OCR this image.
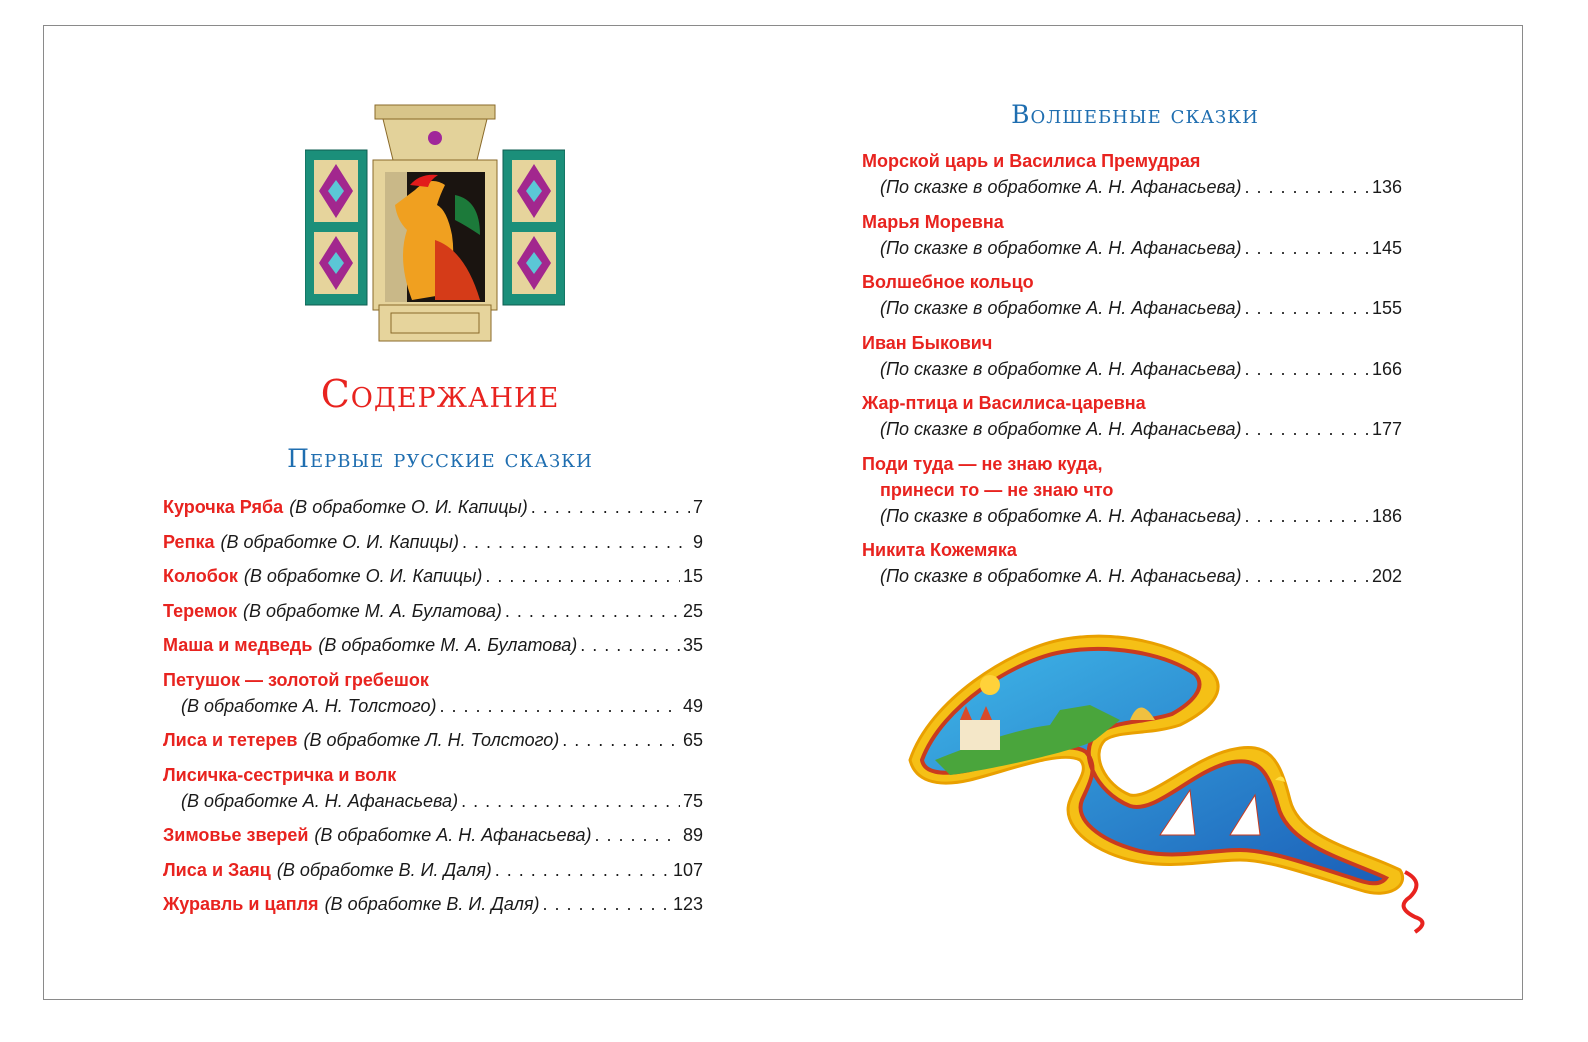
Содержание
Первые русские сказки
Волшебные сказки
Курочка Ряба (В обработке О. И. Капицы) . . .	7
Репка (В обработке О. И. Капицы) . . .	9
Колобок (В обработке О. И. Капицы) . . .	15
Теремок (В обработке М. А. Булатова) . . .	25
Маша и медведь (В обработке М. А. Булатова) . . .	35
Петушок — золотой гребешок
(В обработке А. Н. Толстого) . . .	49
Лиса и тетерев (В обработке Л. Н. Толстого) . . .	65
Лисичка-сестричка и волк
(В обработке А. Н. Афанасьева) . . .	75
Зимовье зверей (В обработке А. Н. Афанасьева) . . .	89
Лиса и Заяц (В обработке В. И. Даля) . . .	107
Журавль и цапля (В обработке В. И. Даля) . . .	123
Морской царь и Василиса Премудрая
(По сказке в обработке А. Н. Афанасьева) . . .	136
Марья Моревна
(По сказке в обработке А. Н. Афанасьева) . . .	145
Волшебное кольцо
(По сказке в обработке А. Н. Афанасьева) . . .	155
Иван Быкович
(По сказке в обработке А. Н. Афанасьева) . . .	166
Жар-птица и Василиса-царевна
(По сказке в обработке А. Н. Афанасьева) . . .	177
Поди туда — не знаю куда,
принеси то — не знаю что
(По сказке в обработке А. Н. Афанасьева) . . .	186
Никита Кожемяка
(По сказке в обработке А. Н. Афанасьева) . . .	202
